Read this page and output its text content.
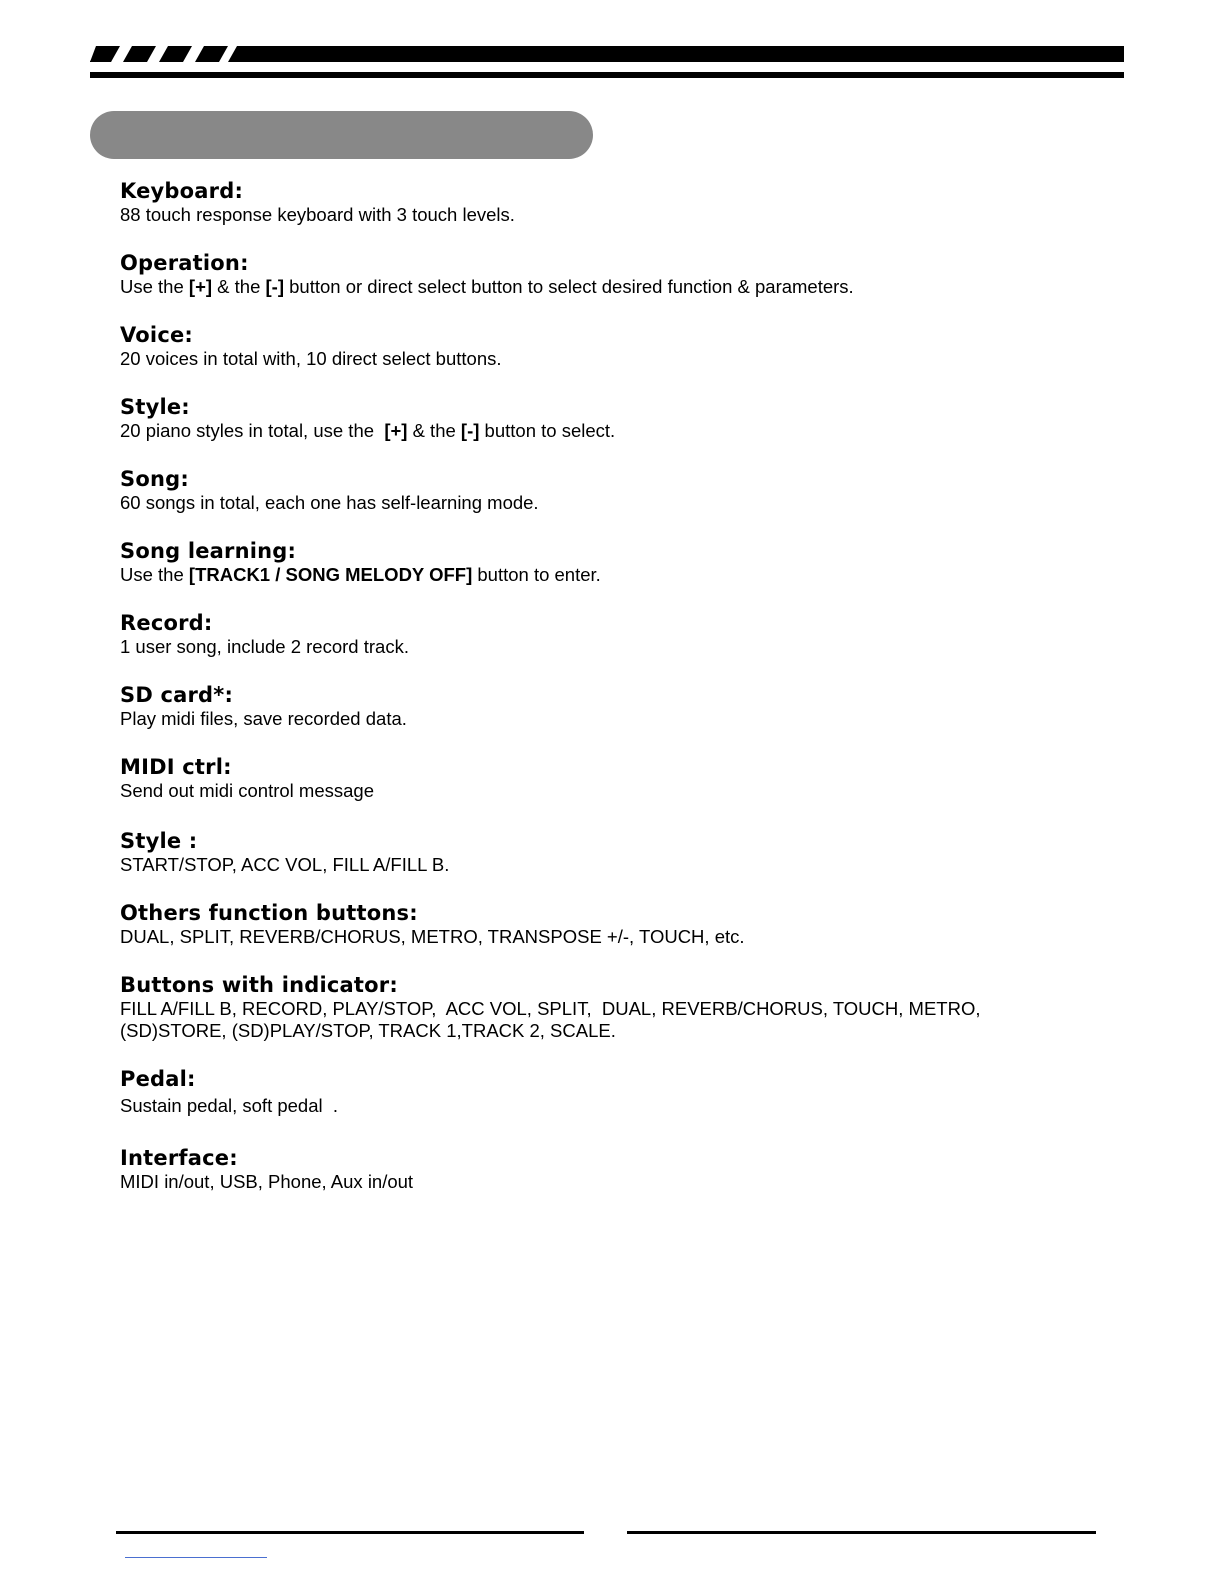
Keyboard:

88 touch response keyboard with 3 touch levels.

Operation:

Use the [+] & the [-] button or direct select button to select desired function & parameters.

Voice:

20 voices in total with, 10 direct select buttons.

Style:

20 piano styles in total, use the  [+] & the [-] button to select.

Song:

60 songs in total, each one has self-learning mode.

Song learning:

Use the [TRACK1 / SONG MELODY OFF] button to enter.

Record:

1 user song, include 2 record track.

SD card*:

Play midi files, save recorded data.

MIDI ctrl:

Send out midi control message

Style :

START/STOP, ACC VOL, FILL A/FILL B.

Others function buttons:

DUAL, SPLIT, REVERB/CHORUS, METRO, TRANSPOSE +/-, TOUCH, etc.

Buttons with indicator:

FILL A/FILL B, RECORD, PLAY/STOP,  ACC VOL, SPLIT,  DUAL, REVERB/CHORUS, TOUCH, METRO,

(SD)STORE, (SD)PLAY/STOP, TRACK 1,TRACK 2, SCALE.

Pedal:

Sustain pedal, soft pedal  .

Interface:

MIDI in/out, USB, Phone, Aux in/out
